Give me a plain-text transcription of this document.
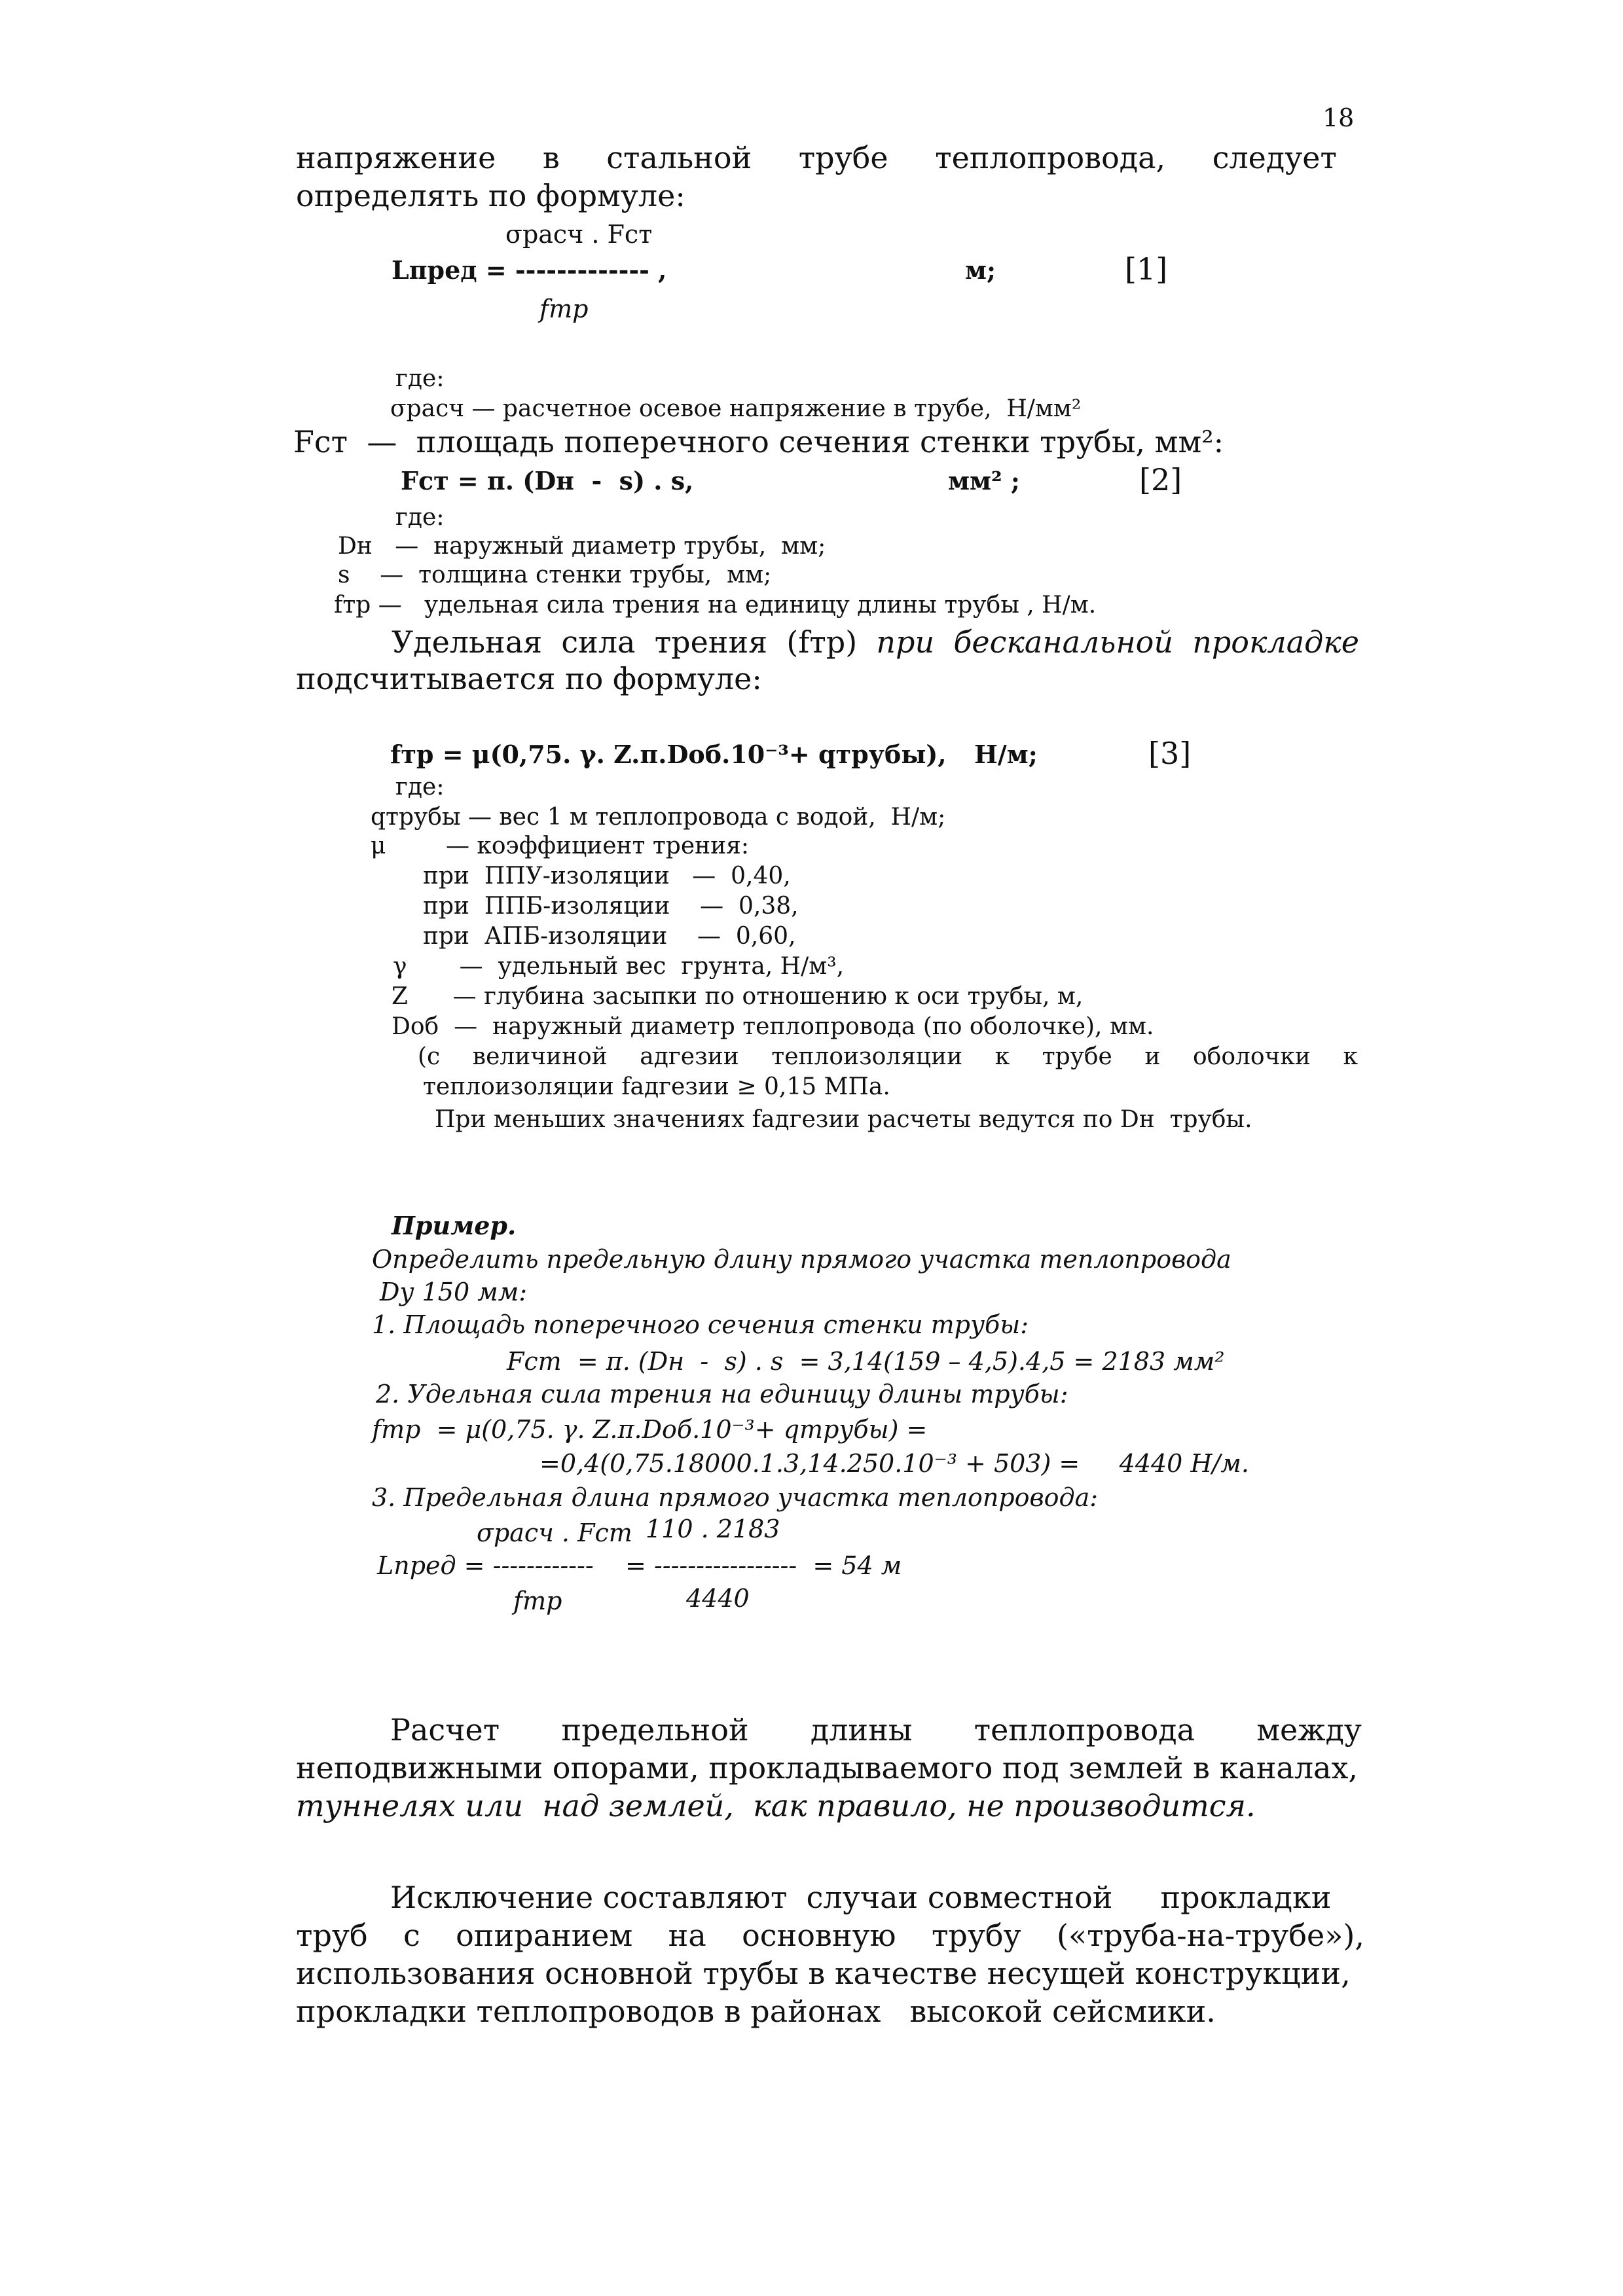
18
напряжение в стальной трубе теплопровода, следует
определять по формуле:
σрасч . Fст
Lпред = ------------- ,
fтр
м;	[1]
где:
σрасч — расчетное осевое напряжение в трубе,  Н/мм²
Fст  —  площадь поперечного сечения стенки трубы, мм²:
Fст = π. (Dн  -  s) . s,	мм² ;	[2]
где:
Dн   —  наружный диаметр трубы,  мм;
s    —  толщина стенки трубы,  мм;
fтр —   удельная сила трения на единицу длины трубы , Н/м.
Удельная сила трения (fтр) при бесканальной прокладке
подсчитывается по формуле:
fтр = μ(0,75. γ. Z.π.Dоб.10⁻³+ qтрубы), Н/м;	[3]
где:
qтрубы — вес 1 м теплопровода с водой,  Н/м;
μ        — коэффициент трения:
при  ППУ-изоляции   —  0,40,
при  ППБ-изоляции    —  0,38,
при  АПБ-изоляции    —  0,60,
γ       —  удельный вес  грунта, Н/м³,
Z      — глубина засыпки по отношению к оси трубы, м,
Dоб  —  наружный диаметр теплопровода (по оболочке), мм.
(с величиной адгезии теплоизоляции к трубе и оболочки к
теплоизоляции fадгезии ≥ 0,15 МПа.
При меньших значениях fадгезии расчеты ведутся по Dн  трубы.
Пример.
Определить предельную длину прямого участка теплопровода
Dу 150 мм:
1. Площадь поперечного сечения стенки трубы:
Fст  = π. (Dн  -  s) . s  = 3,14(159 – 4,5).4,5 = 2183 мм²
2. Удельная сила трения на единицу длины трубы:
fтр  = μ(0,75. γ. Z.π.Dоб.10⁻³+ qтрубы) =
=0,4(0,75.18000.1.3,14.250.10⁻³ + 503) =     4440 Н/м.
3. Предельная длина прямого участка теплопровода:
σрасч . Fст 110 . 2183
Lпред = ------------    = -----------------  = 54 м
fтр	4440
Расчет предельной длины теплопровода между
неподвижными опорами, прокладываемого под землей в каналах,
туннелях или  над землей,  как правило, не производится.
Исключение составляют  случаи совместной     прокладки
труб с опиранием на основную трубу («труба-на-трубе»),
использования основной трубы в качестве несущей конструкции,
прокладки теплопроводов в районах   высокой сейсмики.
